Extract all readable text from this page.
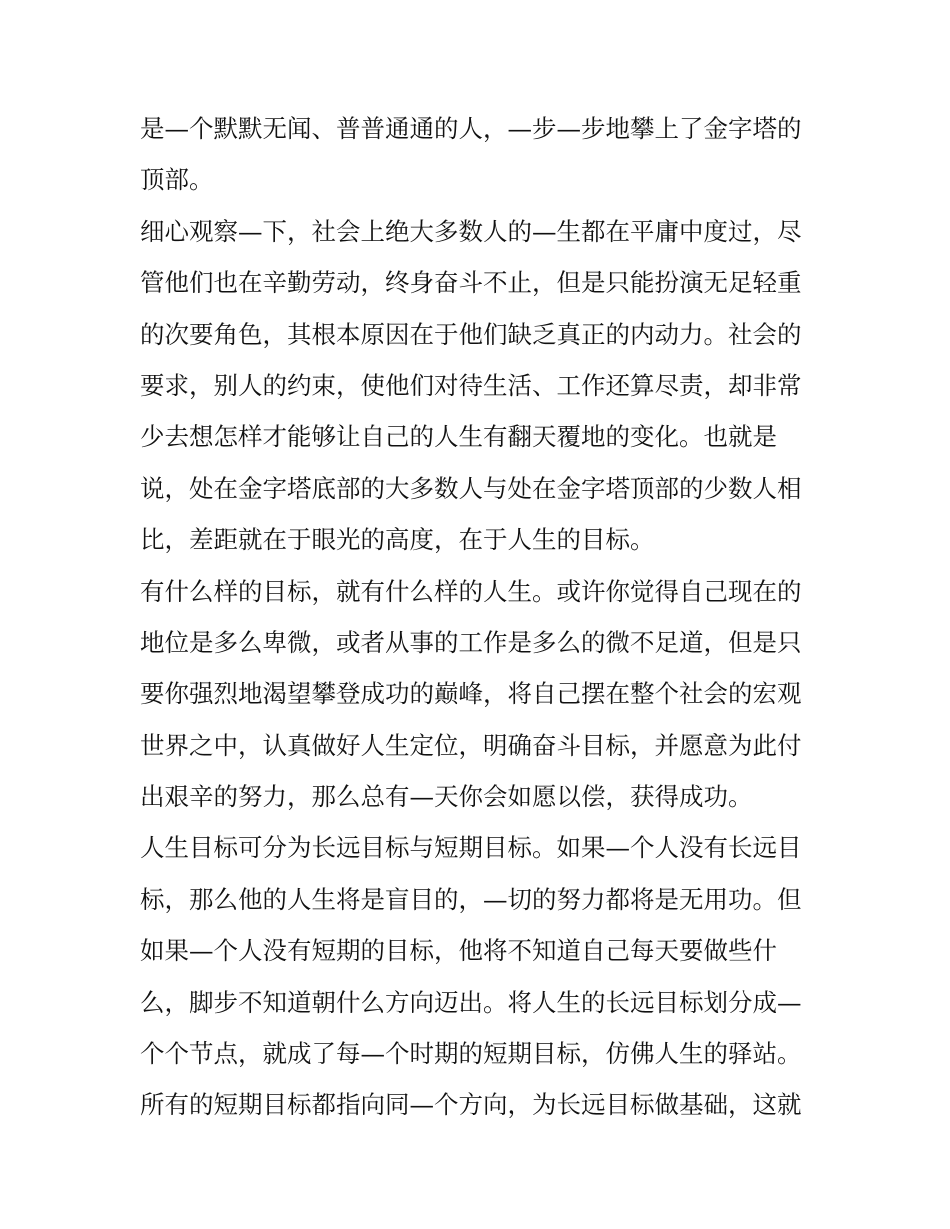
是—个默默无闻、普普通通的人，—步—步地攀上了金字塔的
顶部。
细心观察—下，社会上绝大多数人的—生都在平庸中度过，尽
管他们也在辛勤劳动，终身奋斗不止，但是只能扮演无足轻重
的次要角色，其根本原因在于他们缺乏真正的内动力。社会的
要求，别人的约束，使他们对待生活、工作还算尽责，却非常
少去想怎样才能够让自己的人生有翻天覆地的变化。也就是
说，处在金字塔底部的大多数人与处在金字塔顶部的少数人相
比，差距就在于眼光的高度，在于人生的目标。
有什么样的目标，就有什么样的人生。或许你觉得自己现在的
地位是多么卑微，或者从事的工作是多么的微不足道，但是只
要你强烈地渴望攀登成功的巅峰，将自己摆在整个社会的宏观
世界之中，认真做好人生定位，明确奋斗目标，并愿意为此付
出艰辛的努力，那么总有—天你会如愿以偿，获得成功。
人生目标可分为长远目标与短期目标。如果—个人没有长远目
标，那么他的人生将是盲目的，—切的努力都将是无用功。但
如果—个人没有短期的目标，他将不知道自己每天要做些什
么，脚步不知道朝什么方向迈出。将人生的长远目标划分成—
个个节点，就成了每—个时期的短期目标，仿佛人生的驿站。
所有的短期目标都指向同—个方向，为长远目标做基础，这就
